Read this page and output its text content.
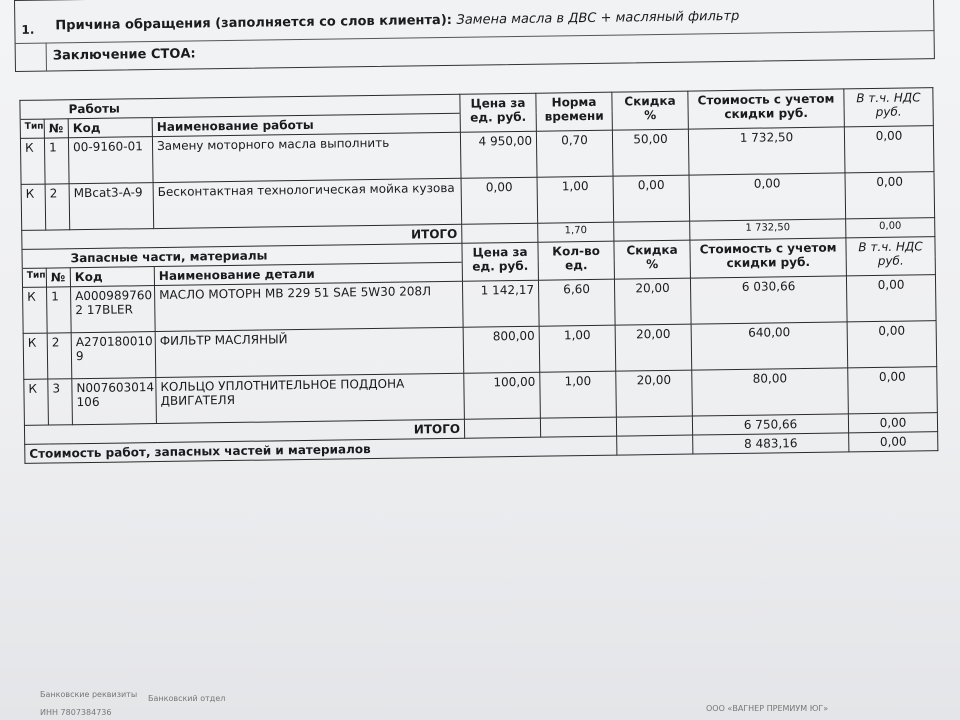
1. Причина обращения (заполняется со слов клиента): Замена масла в ДВС + масляный фильтр
Заключение СТОА:
Работы				Цена за ед. руб.	Норма времени	Скидка %	Стоимость с учетом скидки руб.	В т.ч. НДС руб.
Тип	№	Код	Наименование работы					
К	1	00-9160-01	Замену моторного масла выполнить	4 950,00	0,70	50,00	1 732,50	0,00
К	2	MBcat3-A-9	Бесконтактная технологическая мойка кузова	0,00	1,00	0,00	0,00	0,00
ИТОГО					1,70		1 732,50	0,00
Запасные части, материалы				Цена за ед. руб.	Кол-во ед.	Скидка %	Стоимость с учетом скидки руб.	В т.ч. НДС руб.
Тип	№	Код	Наименование детали					
К	1	A000989760 2 17BLER	МАСЛО МОТОРН MB 229 51 SAE 5W30 208Л	1 142,17	6,60	20,00	6 030,66	0,00
К	2	A270180010 9	ФИЛЬТР МАСЛЯНЫЙ	800,00	1,00	20,00	640,00	0,00
К	3	N007603014 106	КОЛЬЦО УПЛОТНИТЕЛЬНОЕ ПОДДОНА ДВИГАТЕЛЯ	100,00	1,00	20,00	80,00	0,00
ИТОГО							6 750,66	0,00
Стоимость работ, запасных частей и материалов							8 483,16	0,00
Банковские реквизиты
ИНН 7807384736
Банковский отдел
ООО «ВАГНЕР ПРЕМИУМ ЮГ»
